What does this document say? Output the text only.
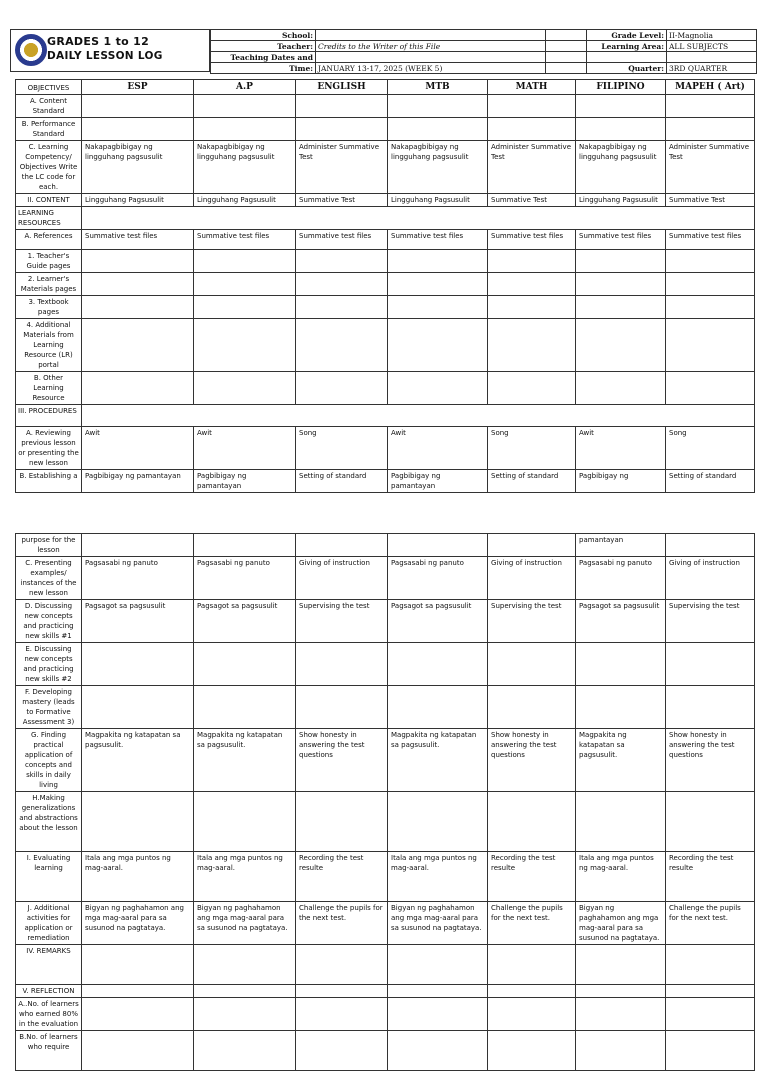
GRADES 1 to 12
DAILY LESSON LOG
School:			Grade Level:	II-Magnolia
Teacher:	Credits to the Writer of this File		Learning Area:	ALL SUBJECTS
Teaching Dates and				
Time:	JANUARY 13-17, 2025 (WEEK 5)		Quarter:	3RD QUARTER
OBJECTIVES	ESP	A.P	ENGLISH	MTB	MATH	FILIPINO	MAPEH ( Art)
A. Content Standard							
B. Performance Standard							
C. Learning Competency/ Objectives Write the LC code for each.	Nakapagbibigay ng lingguhang pagsusulit	Nakapagbibigay ng lingguhang pagsusulit	Administer Summative Test	Nakapagbibigay ng lingguhang pagsusulit	Administer Summative Test	Nakapagbibigay ng lingguhang pagsusulit	Administer Summative Test
II. CONTENT	Lingguhang Pagsusulit	Lingguhang Pagsusulit	Summative Test	Lingguhang Pagsusulit	Summative Test	Lingguhang Pagsusulit	Summative Test
LEARNING RESOURCES							
A. References	Summative test files	Summative test files	Summative test files	Summative test files	Summative test files	Summative test files	Summative test files
1. Teacher's Guide pages							
2. Learner's Materials pages							
3. Textbook pages							
4. Additional Materials from Learning Resource (LR) portal							
B. Other Learning Resource							
III. PROCEDURES							
A. Reviewing previous lesson or presenting the new lesson	Awit	Awit	Song	Awit	Song	Awit	Song
B. Establishing a	Pagbibigay ng pamantayan	Pagbibigay ng pamantayan	Setting of standard	Pagbibigay ng pamantayan	Setting of standard	Pagbibigay ng	Setting of standard
purpose for the lesson						pamantayan	
C. Presenting examples/ instances of the new lesson	Pagsasabi ng panuto	Pagsasabi ng panuto	Giving of instruction	Pagsasabi ng panuto	Giving of instruction	Pagsasabi ng panuto	Giving of instruction
D. Discussing new concepts and practicing new skills #1	Pagsagot sa pagsusulit	Pagsagot sa pagsusulit	Supervising the test	Pagsagot sa pagsusulit	Supervising the test	Pagsagot sa pagsusulit	Supervising the test
E. Discussing new concepts and practicing new skills #2							
F. Developing mastery (leads to Formative Assessment 3)							
G. Finding practical application of concepts and skills in daily living	Magpakita ng katapatan sa pagsusulit.	Magpakita ng katapatan sa pagsusulit.	Show honesty in answering the test questions	Magpakita ng katapatan sa pagsusulit.	Show honesty in answering the test questions	Magpakita ng katapatan sa pagsusulit.	Show honesty in answering the test questions
H.Making generalizations and abstractions about the lesson							
I. Evaluating learning	Itala ang mga puntos ng mag-aaral.	Itala ang mga puntos ng mag-aaral.	Recording the test resulte	Itala ang mga puntos ng mag-aaral.	Recording the test resulte	Itala ang mga puntos ng mag-aaral.	Recording the test resulte
J. Additional activities for application or remediation	Bigyan ng paghahamon ang mga mag-aaral para sa susunod na pagtataya.	Bigyan ng paghahamon ang mga mag-aaral para sa susunod na pagtataya.	Challenge the pupils for the next test.	Bigyan ng paghahamon ang mga mag-aaral para sa susunod na pagtataya.	Challenge the pupils for the next test.	Bigyan ng paghahamon ang mga mag-aaral para sa susunod na pagtataya.	Challenge the pupils for the next test.
IV. REMARKS							
V. REFLECTION							
A..No. of learners who earned 80% in the evaluation							
B.No. of learners who require							
